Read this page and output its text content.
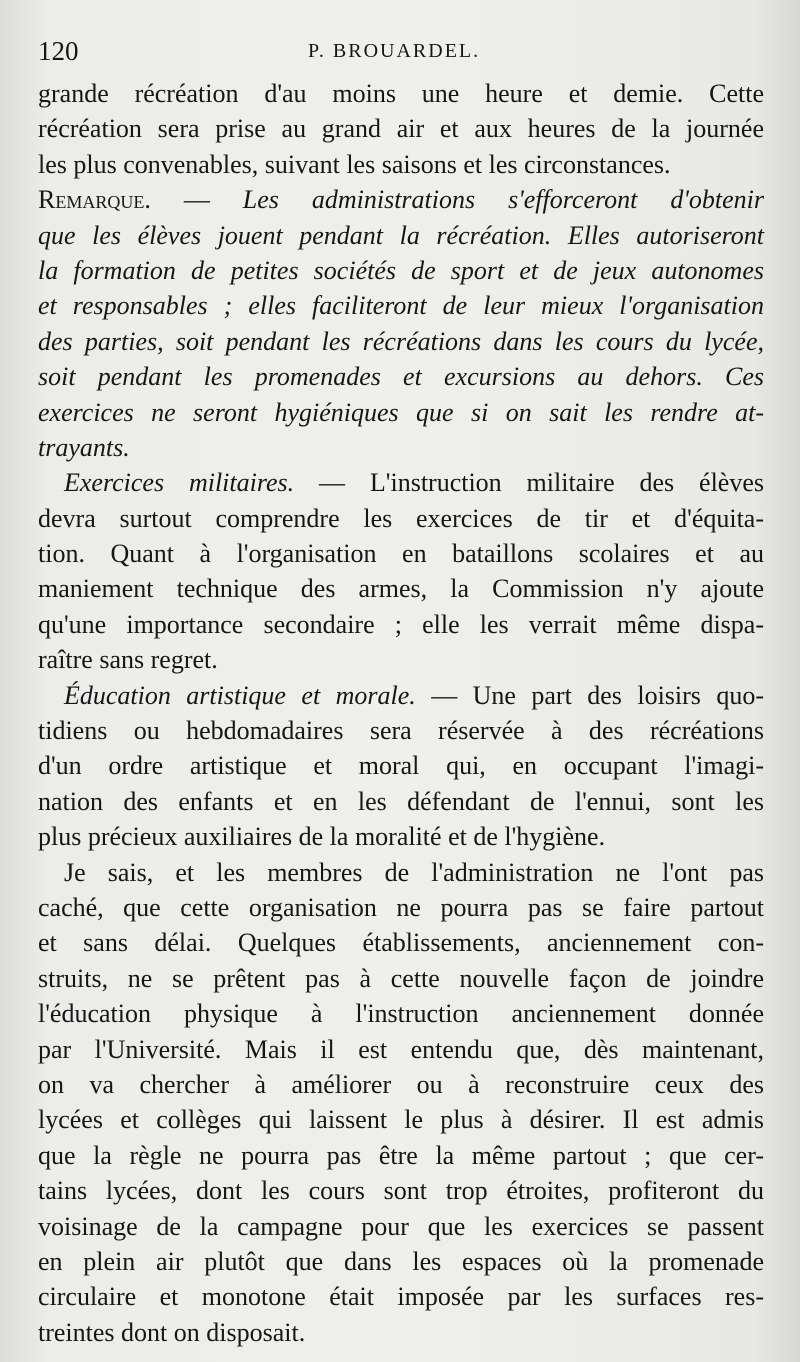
120	P. BROUARDEL.
grande récréation d'au moins une heure et demie. Cette
récréation sera prise au grand air et aux heures de la journée
les plus convenables, suivant les saisons et les circonstances.
Remarque. — Les administrations s'efforceront d'obtenir
que les élèves jouent pendant la récréation. Elles autoriseront
la formation de petites sociétés de sport et de jeux autonomes
et responsables ; elles faciliteront de leur mieux l'organisation
des parties, soit pendant les récréations dans les cours du lycée,
soit pendant les promenades et excursions au dehors. Ces
exercices ne seront hygiéniques que si on sait les rendre at-
trayants.
Exercices militaires. — L'instruction militaire des élèves
devra surtout comprendre les exercices de tir et d'équita-
tion. Quant à l'organisation en bataillons scolaires et au
maniement technique des armes, la Commission n'y ajoute
qu'une importance secondaire ; elle les verrait même dispa-
raître sans regret.
Éducation artistique et morale. — Une part des loisirs quo-
tidiens ou hebdomadaires sera réservée à des récréations
d'un ordre artistique et moral qui, en occupant l'imagi-
nation des enfants et en les défendant de l'ennui, sont les
plus précieux auxiliaires de la moralité et de l'hygiène.
Je sais, et les membres de l'administration ne l'ont pas
caché, que cette organisation ne pourra pas se faire partout
et sans délai. Quelques établissements, anciennement con-
struits, ne se prêtent pas à cette nouvelle façon de joindre
l'éducation physique à l'instruction anciennement donnée
par l'Université. Mais il est entendu que, dès maintenant,
on va chercher à améliorer ou à reconstruire ceux des
lycées et collèges qui laissent le plus à désirer. Il est admis
que la règle ne pourra pas être la même partout ; que cer-
tains lycées, dont les cours sont trop étroites, profiteront du
voisinage de la campagne pour que les exercices se passent
en plein air plutôt que dans les espaces où la promenade
circulaire et monotone était imposée par les surfaces res-
treintes dont on disposait.
